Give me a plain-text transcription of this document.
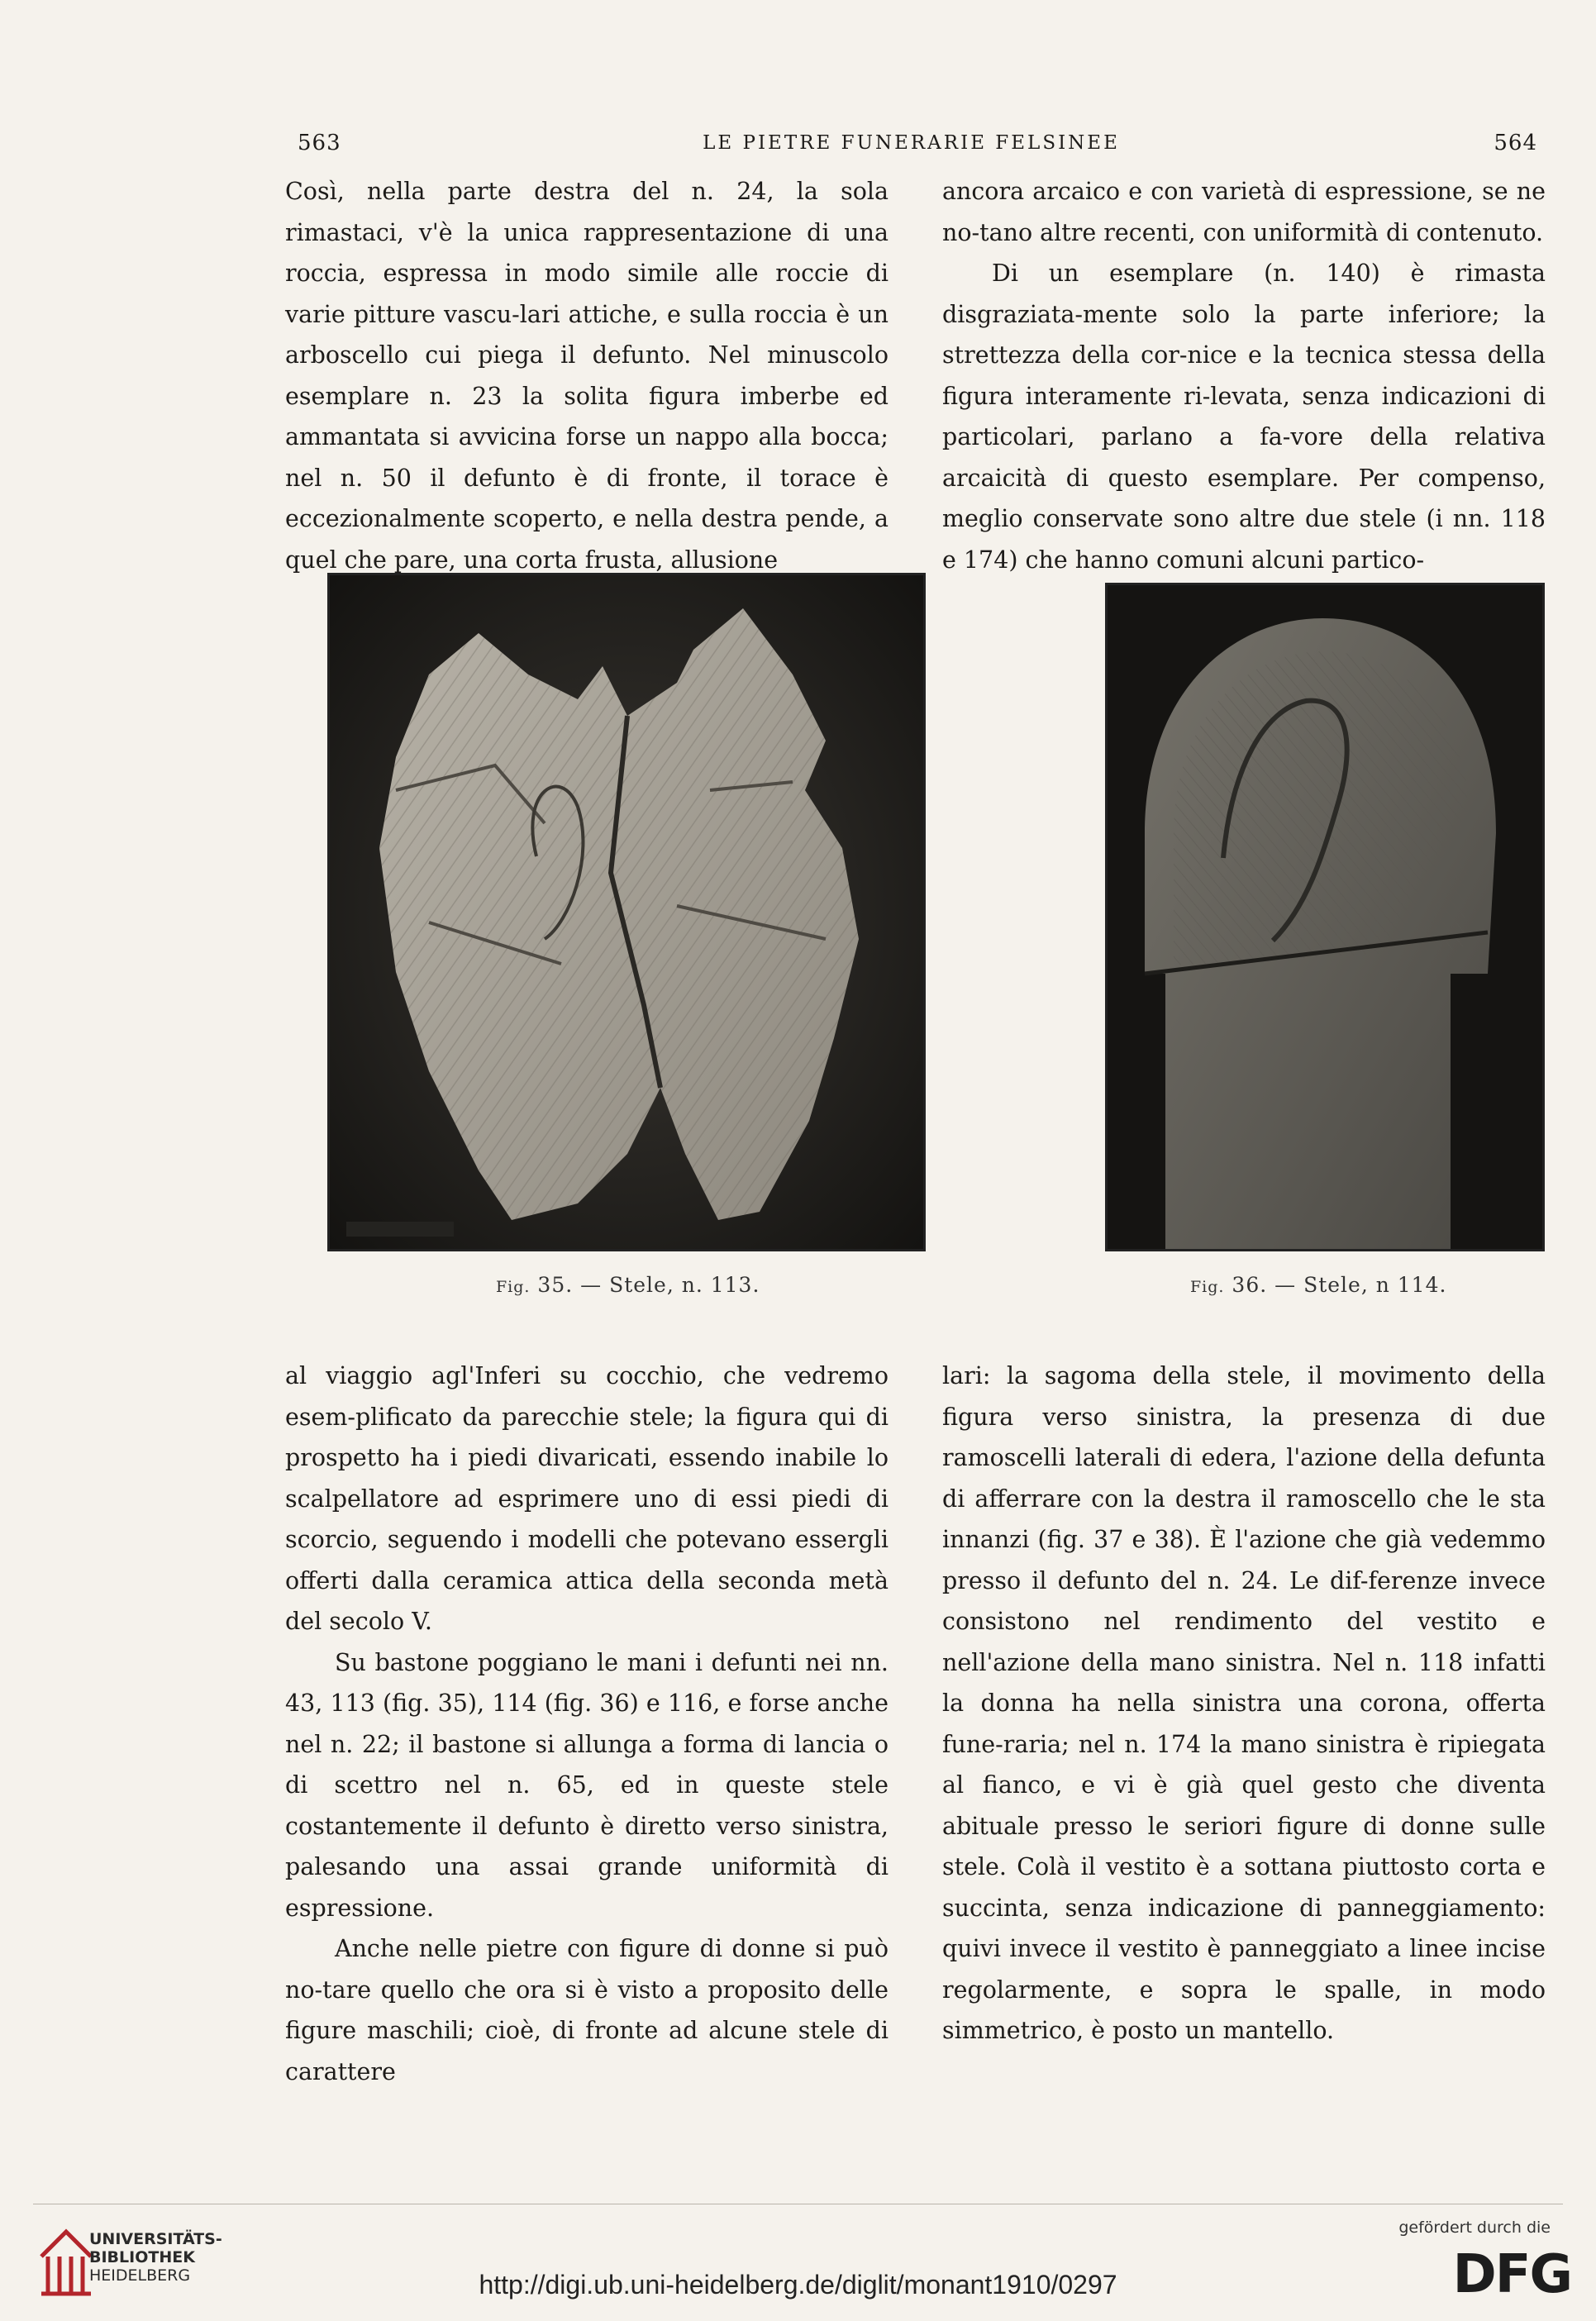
563	LE PIETRE FUNERARIE FELSINEE	564

Così, nella parte destra del n. 24, la sola rimastaci, v'è la unica rappresentazione di una roccia, espressa in modo simile alle roccie di varie pitture vascu-lari attiche, e sulla roccia è un arboscello cui piega il defunto. Nel minuscolo esemplare n. 23 la solita figura imberbe ed ammantata si avvicina forse un nappo alla bocca; nel n. 50 il defunto è di fronte, il torace è eccezionalmente scoperto, e nella destra pende, a quel che pare, una corta frusta, allusione

ancora arcaico e con varietà di espressione, se ne no-tano altre recenti, con uniformità di contenuto.

Di un esemplare (n. 140) è rimasta disgraziata-mente solo la parte inferiore; la strettezza della cor-nice e la tecnica stessa della figura interamente ri-levata, senza indicazioni di particolari, parlano a fa-vore della relativa arcaicità di questo esemplare. Per compenso, meglio conservate sono altre due stele (i nn. 118 e 174) che hanno comuni alcuni partico-

Fig. 35. — Stele, n. 113.	Fig. 36. — Stele, n 114.

al viaggio agl'Inferi su cocchio, che vedremo esem-plificato da parecchie stele; la figura qui di prospetto ha i piedi divaricati, essendo inabile lo scalpellatore ad esprimere uno di essi piedi di scorcio, seguendo i modelli che potevano essergli offerti dalla ceramica attica della seconda metà del secolo V.

Su bastone poggiano le mani i defunti nei nn. 43, 113 (fig. 35), 114 (fig. 36) e 116, e forse anche nel n. 22; il bastone si allunga a forma di lancia o di scettro nel n. 65, ed in queste stele costantemente il defunto è diretto verso sinistra, palesando una assai grande uniformità di espressione.

Anche nelle pietre con figure di donne si può no-tare quello che ora si è visto a proposito delle figure maschili; cioè, di fronte ad alcune stele di carattere

lari: la sagoma della stele, il movimento della figura verso sinistra, la presenza di due ramoscelli laterali di edera, l'azione della defunta di afferrare con la destra il ramoscello che le sta innanzi (fig. 37 e 38). È l'azione che già vedemmo presso il defunto del n. 24. Le dif-ferenze invece consistono nel rendimento del vestito e nell'azione della mano sinistra. Nel n. 118 infatti la donna ha nella sinistra una corona, offerta fune-raria; nel n. 174 la mano sinistra è ripiegata al fianco, e vi è già quel gesto che diventa abituale presso le seriori figure di donne sulle stele. Colà il vestito è a sottana piuttosto corta e succinta, senza indicazione di panneggiamento: quivi invece il vestito è panneggiato a linee incise regolarmente, e sopra le spalle, in modo simmetrico, è posto un mantello.

UNIVERSITÄTS-
BIBLIOTHEK
HEIDELBERG	http://digi.ub.uni-heidelberg.de/diglit/monant1910/0297
gefördert durch die
DFG
